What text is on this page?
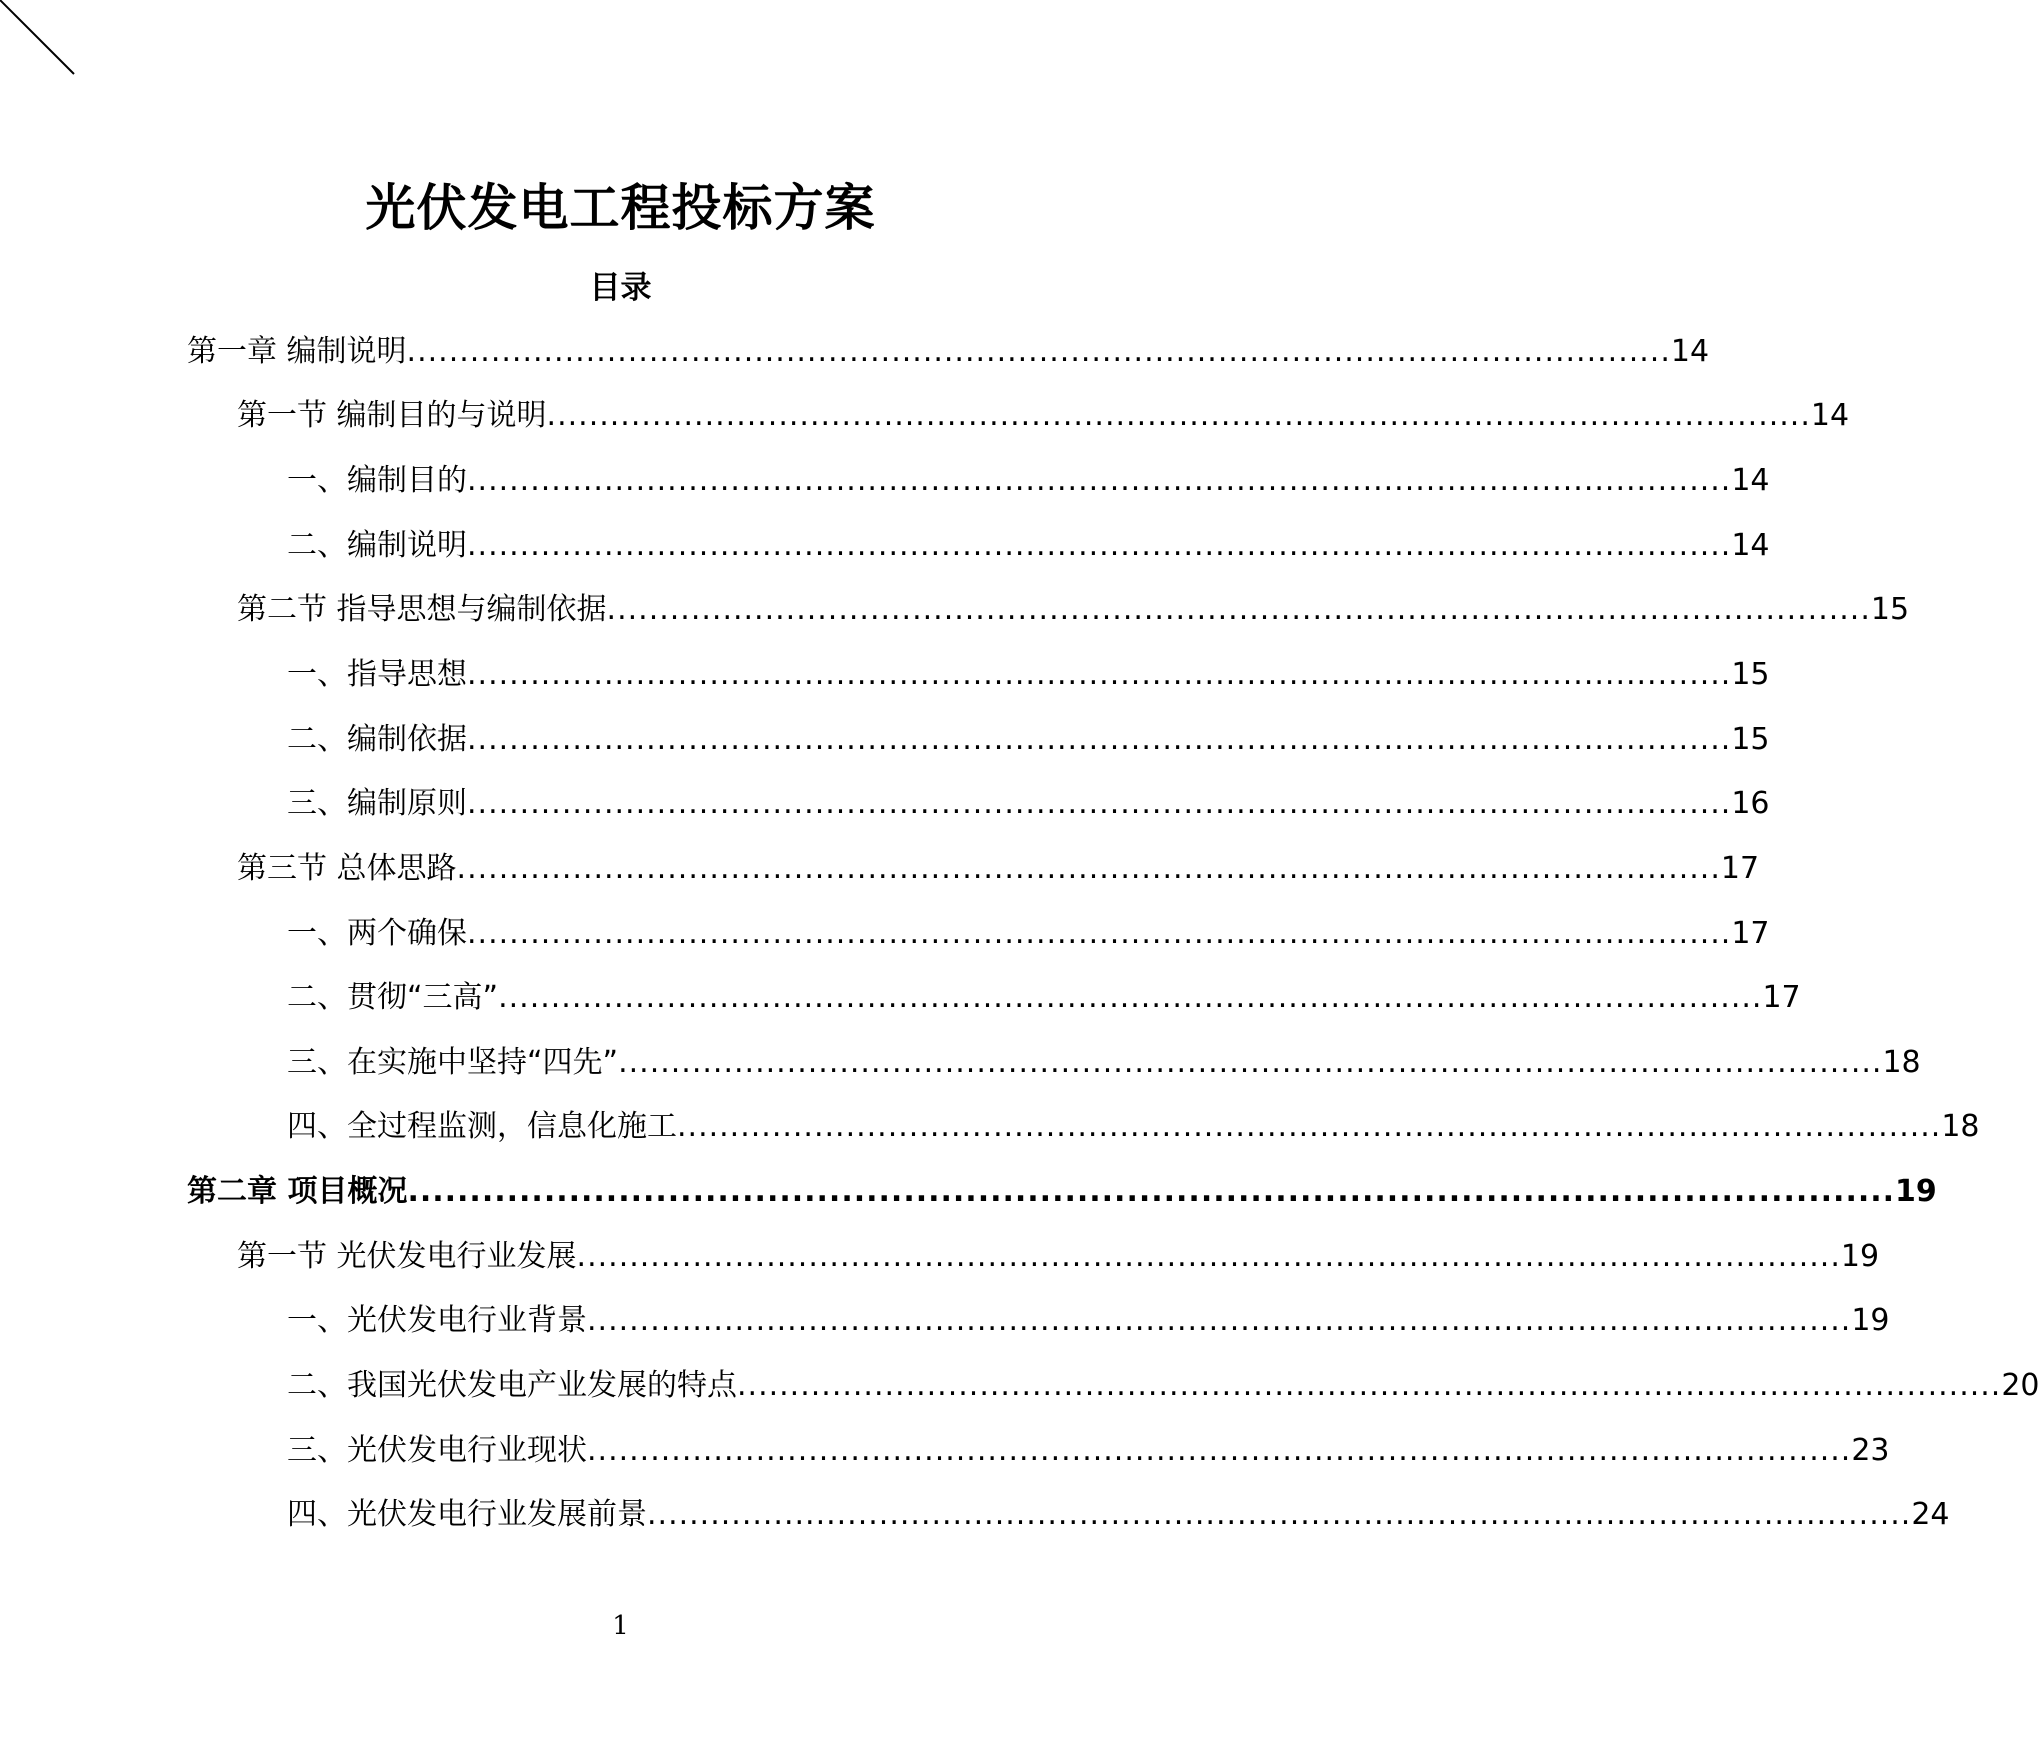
光伏发电工程投标方案
目录
第一章 编制说明 ........................................................................................................................ 14
第一节 编制目的与说明 ........................................................................................................................ 14
一、编制目的 ........................................................................................................................ 14
二、编制说明 ........................................................................................................................ 14
第二节 指导思想与编制依据 ........................................................................................................................ 15
一、指导思想 ........................................................................................................................ 15
二、编制依据 ........................................................................................................................ 15
三、编制原则 ........................................................................................................................ 16
第三节 总体思路 ........................................................................................................................ 17
一、两个确保 ........................................................................................................................ 17
二、贯彻“三高” ........................................................................................................................ 17
三、在实施中坚持“四先” ........................................................................................................................ 18
四、全过程监测，信息化施工 ........................................................................................................................ 18
第二章 项目概况 ........................................................................................................................ 19
第一节 光伏发电行业发展 ........................................................................................................................ 19
一、光伏发电行业背景 ........................................................................................................................ 19
二、我国光伏发电产业发展的特点 ........................................................................................................................ 20
三、光伏发电行业现状 ........................................................................................................................ 23
四、光伏发电行业发展前景 ........................................................................................................................ 24
1
